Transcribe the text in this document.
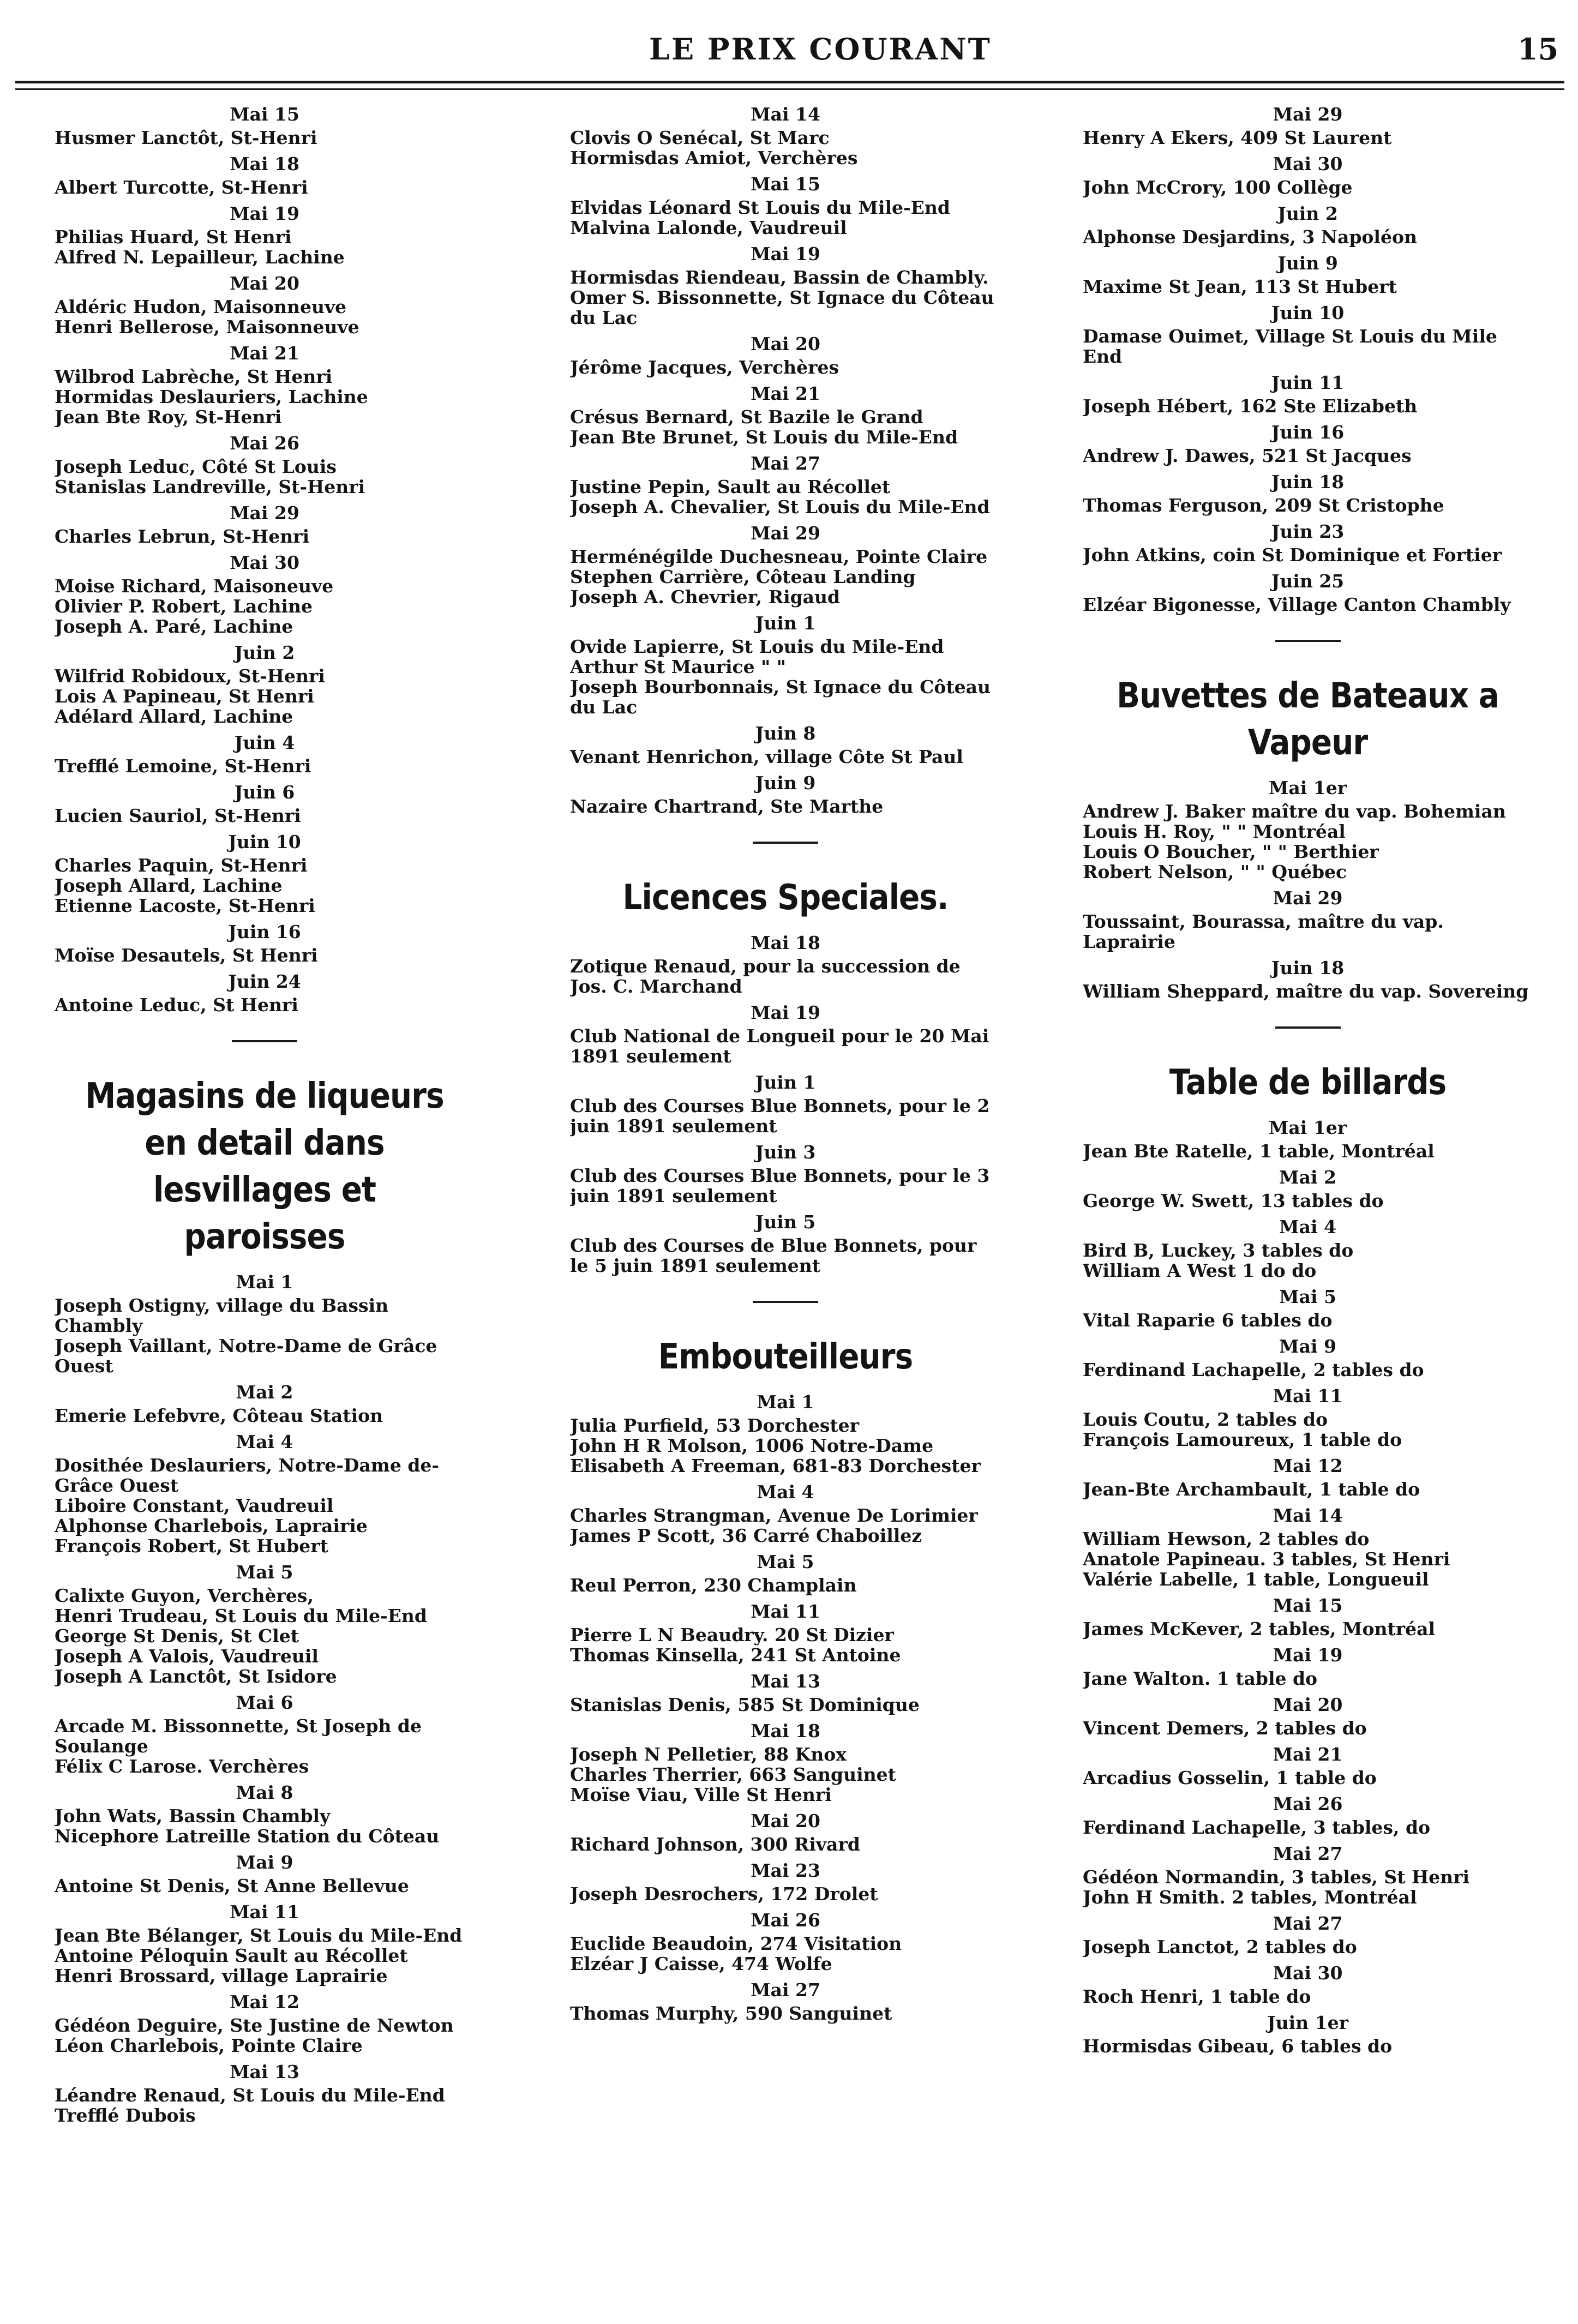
LE PRIX COURANT	15
Mai 15
Husmer Lanctôt, St-Henri
Mai 18
Albert Turcotte, St-Henri
Mai 19
Philias Huard, St Henri
Alfred N. Lepailleur, Lachine
Mai 20
Aldéric Hudon, Maisonneuve
Henri Bellerose, Maisonneuve
Mai 21
Wilbrod Labrèche, St Henri
Hormidas Deslauriers, Lachine
Jean Bte Roy, St-Henri
Mai 26
Joseph Leduc, Côté St Louis
Stanislas Landreville, St-Henri
Mai 29
Charles Lebrun, St-Henri
Mai 30
Moise Richard, Maisoneuve
Olivier P. Robert, Lachine
Joseph A. Paré, Lachine
Juin 2
Wilfrid Robidoux, St-Henri
Lois A Papineau, St Henri
Adélard Allard, Lachine
Juin 4
Trefflé Lemoine, St-Henri
Juin 6
Lucien Sauriol, St-Henri
Juin 10
Charles Paquin, St-Henri
Joseph Allard, Lachine
Etienne Lacoste, St-Henri
Juin 16
Moïse Desautels, St Henri
Juin 24
Antoine Leduc, St Henri
Magasins de liqueurs en detail dans lesvillages et paroisses
Mai 1
Joseph Ostigny, village du Bassin Chambly
Joseph Vaillant, Notre-Dame de Grâce Ouest
Mai 2
Emerie Lefebvre, Côteau Station
Mai 4
Dosithée Deslauriers, Notre-Dame de-Grâce Ouest
Liboire Constant, Vaudreuil
Alphonse Charlebois, Laprairie
François Robert, St Hubert
Mai 5
Calixte Guyon, Verchères,
Henri Trudeau, St Louis du Mile-End
George St Denis, St Clet
Joseph A Valois, Vaudreuil
Joseph A Lanctôt, St Isidore
Mai 6
Arcade M. Bissonnette, St Joseph de Soulange
Félix C Larose. Verchères
Mai 8
John Wats, Bassin Chambly
Nicephore Latreille Station du Côteau
Mai 9
Antoine St Denis, St Anne Bellevue
Mai 11
Jean Bte Bélanger, St Louis du Mile-End
Antoine Péloquin Sault au Récollet
Henri Brossard, village Laprairie
Mai 12
Gédéon Deguire, Ste Justine de Newton
Léon Charlebois, Pointe Claire
Mai 13
Léandre Renaud, St Louis du Mile-End
Trefflé Dubois
Mai 14
Clovis O Senécal, St Marc
Hormisdas Amiot, Verchères
Mai 15
Elvidas Léonard St Louis du Mile-End
Malvina Lalonde, Vaudreuil
Mai 19
Hormisdas Riendeau, Bassin de Chambly.
Omer S. Bissonnette, St Ignace du Côteau du Lac
Mai 20
Jérôme Jacques, Verchères
Mai 21
Crésus Bernard, St Bazile le Grand
Jean Bte Brunet, St Louis du Mile-End
Mai 27
Justine Pepin, Sault au Récollet
Joseph A. Chevalier, St Louis du Mile-End
Mai 29
Herménégilde Duchesneau, Pointe Claire
Stephen Carrière, Côteau Landing
Joseph A. Chevrier, Rigaud
Juin 1
Ovide Lapierre, St Louis du Mile-End
Arthur St Maurice " "
Joseph Bourbonnais, St Ignace du Côteau du Lac
Juin 8
Venant Henrichon, village Côte St Paul
Juin 9
Nazaire Chartrand, Ste Marthe
Licences Speciales.
Mai 18
Zotique Renaud, pour la succession de Jos. C. Marchand
Mai 19
Club National de Longueil pour le 20 Mai 1891 seulement
Juin 1
Club des Courses Blue Bonnets, pour le 2 juin 1891 seulement
Juin 3
Club des Courses Blue Bonnets, pour le 3 juin 1891 seulement
Juin 5
Club des Courses de Blue Bonnets, pour le 5 juin 1891 seulement
Embouteilleurs
Mai 1
Julia Purfield, 53 Dorchester
John H R Molson, 1006 Notre-Dame
Elisabeth A Freeman, 681-83 Dorchester
Mai 4
Charles Strangman, Avenue De Lorimier
James P Scott, 36 Carré Chaboillez
Mai 5
Reul Perron, 230 Champlain
Mai 11
Pierre L N Beaudry. 20 St Dizier
Thomas Kinsella, 241 St Antoine
Mai 13
Stanislas Denis, 585 St Dominique
Mai 18
Joseph N Pelletier, 88 Knox
Charles Therrier, 663 Sanguinet
Moïse Viau, Ville St Henri
Mai 20
Richard Johnson, 300 Rivard
Mai 23
Joseph Desrochers, 172 Drolet
Mai 26
Euclide Beaudoin, 274 Visitation
Elzéar J Caisse, 474 Wolfe
Mai 27
Thomas Murphy, 590 Sanguinet
Mai 29
Henry A Ekers, 409 St Laurent
Mai 30
John McCrory, 100 Collège
Juin 2
Alphonse Desjardins, 3 Napoléon
Juin 9
Maxime St Jean, 113 St Hubert
Juin 10
Damase Ouimet, Village St Louis du Mile End
Juin 11
Joseph Hébert, 162 Ste Elizabeth
Juin 16
Andrew J. Dawes, 521 St Jacques
Juin 18
Thomas Ferguson, 209 St Cristophe
Juin 23
John Atkins, coin St Dominique et Fortier
Juin 25
Elzéar Bigonesse, Village Canton Chambly
Buvettes de Bateaux a Vapeur
Mai 1er
Andrew J. Baker maître du vap. Bohemian
Louis H. Roy, " " Montréal
Louis O Boucher, " " Berthier
Robert Nelson, " " Québec
Mai 29
Toussaint, Bourassa, maître du vap. Laprairie
Juin 18
William Sheppard, maître du vap. Sovereing
Table de billards
Mai 1er
Jean Bte Ratelle, 1 table, Montréal
Mai 2
George W. Swett, 13 tables do
Mai 4
Bird B, Luckey, 3 tables do
William A West 1 do do
Mai 5
Vital Raparie 6 tables do
Mai 9
Ferdinand Lachapelle, 2 tables do
Mai 11
Louis Coutu, 2 tables do
François Lamoureux, 1 table do
Mai 12
Jean-Bte Archambault, 1 table do
Mai 14
William Hewson, 2 tables do
Anatole Papineau. 3 tables, St Henri
Valérie Labelle, 1 table, Longueuil
Mai 15
James McKever, 2 tables, Montréal
Mai 19
Jane Walton. 1 table do
Mai 20
Vincent Demers, 2 tables do
Mai 21
Arcadius Gosselin, 1 table do
Mai 26
Ferdinand Lachapelle, 3 tables, do
Mai 27
Gédéon Normandin, 3 tables, St Henri
John H Smith. 2 tables, Montréal
Mai 27
Joseph Lanctot, 2 tables do
Mai 30
Roch Henri, 1 table do
Juin 1er
Hormisdas Gibeau, 6 tables do
